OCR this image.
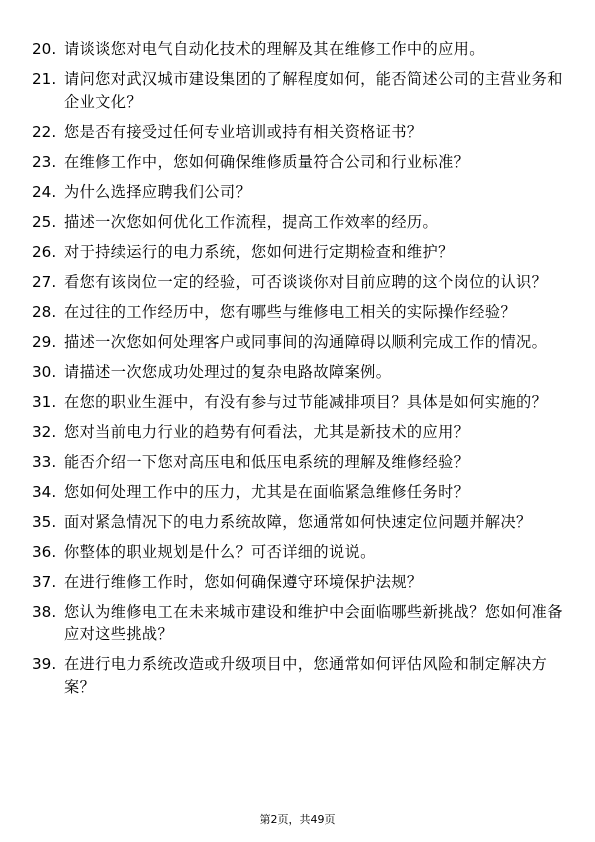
20. 请谈谈您对电气自动化技术的理解及其在维修工作中的应用。
21. 请问您对武汉城市建设集团的了解程度如何，能否简述公司的主营业务和企业文化？
22. 您是否有接受过任何专业培训或持有相关资格证书？
23. 在维修工作中，您如何确保维修质量符合公司和行业标准？
24. 为什么选择应聘我们公司？
25. 描述一次您如何优化工作流程，提高工作效率的经历。
26. 对于持续运行的电力系统，您如何进行定期检查和维护？
27. 看您有该岗位一定的经验，可否谈谈你对目前应聘的这个岗位的认识？
28. 在过往的工作经历中，您有哪些与维修电工相关的实际操作经验？
29. 描述一次您如何处理客户或同事间的沟通障碍以顺利完成工作的情况。
30. 请描述一次您成功处理过的复杂电路故障案例。
31. 在您的职业生涯中，有没有参与过节能减排项目？具体是如何实施的？
32. 您对当前电力行业的趋势有何看法，尤其是新技术的应用？
33. 能否介绍一下您对高压电和低压电系统的理解及维修经验？
34. 您如何处理工作中的压力，尤其是在面临紧急维修任务时？
35. 面对紧急情况下的电力系统故障，您通常如何快速定位问题并解决？
36. 你整体的职业规划是什么？可否详细的说说。
37. 在进行维修工作时，您如何确保遵守环境保护法规？
38. 您认为维修电工在未来城市建设和维护中会面临哪些新挑战？您如何准备应对这些挑战？
39. 在进行电力系统改造或升级项目中，您通常如何评估风险和制定解决方案？
第2页，共49页
